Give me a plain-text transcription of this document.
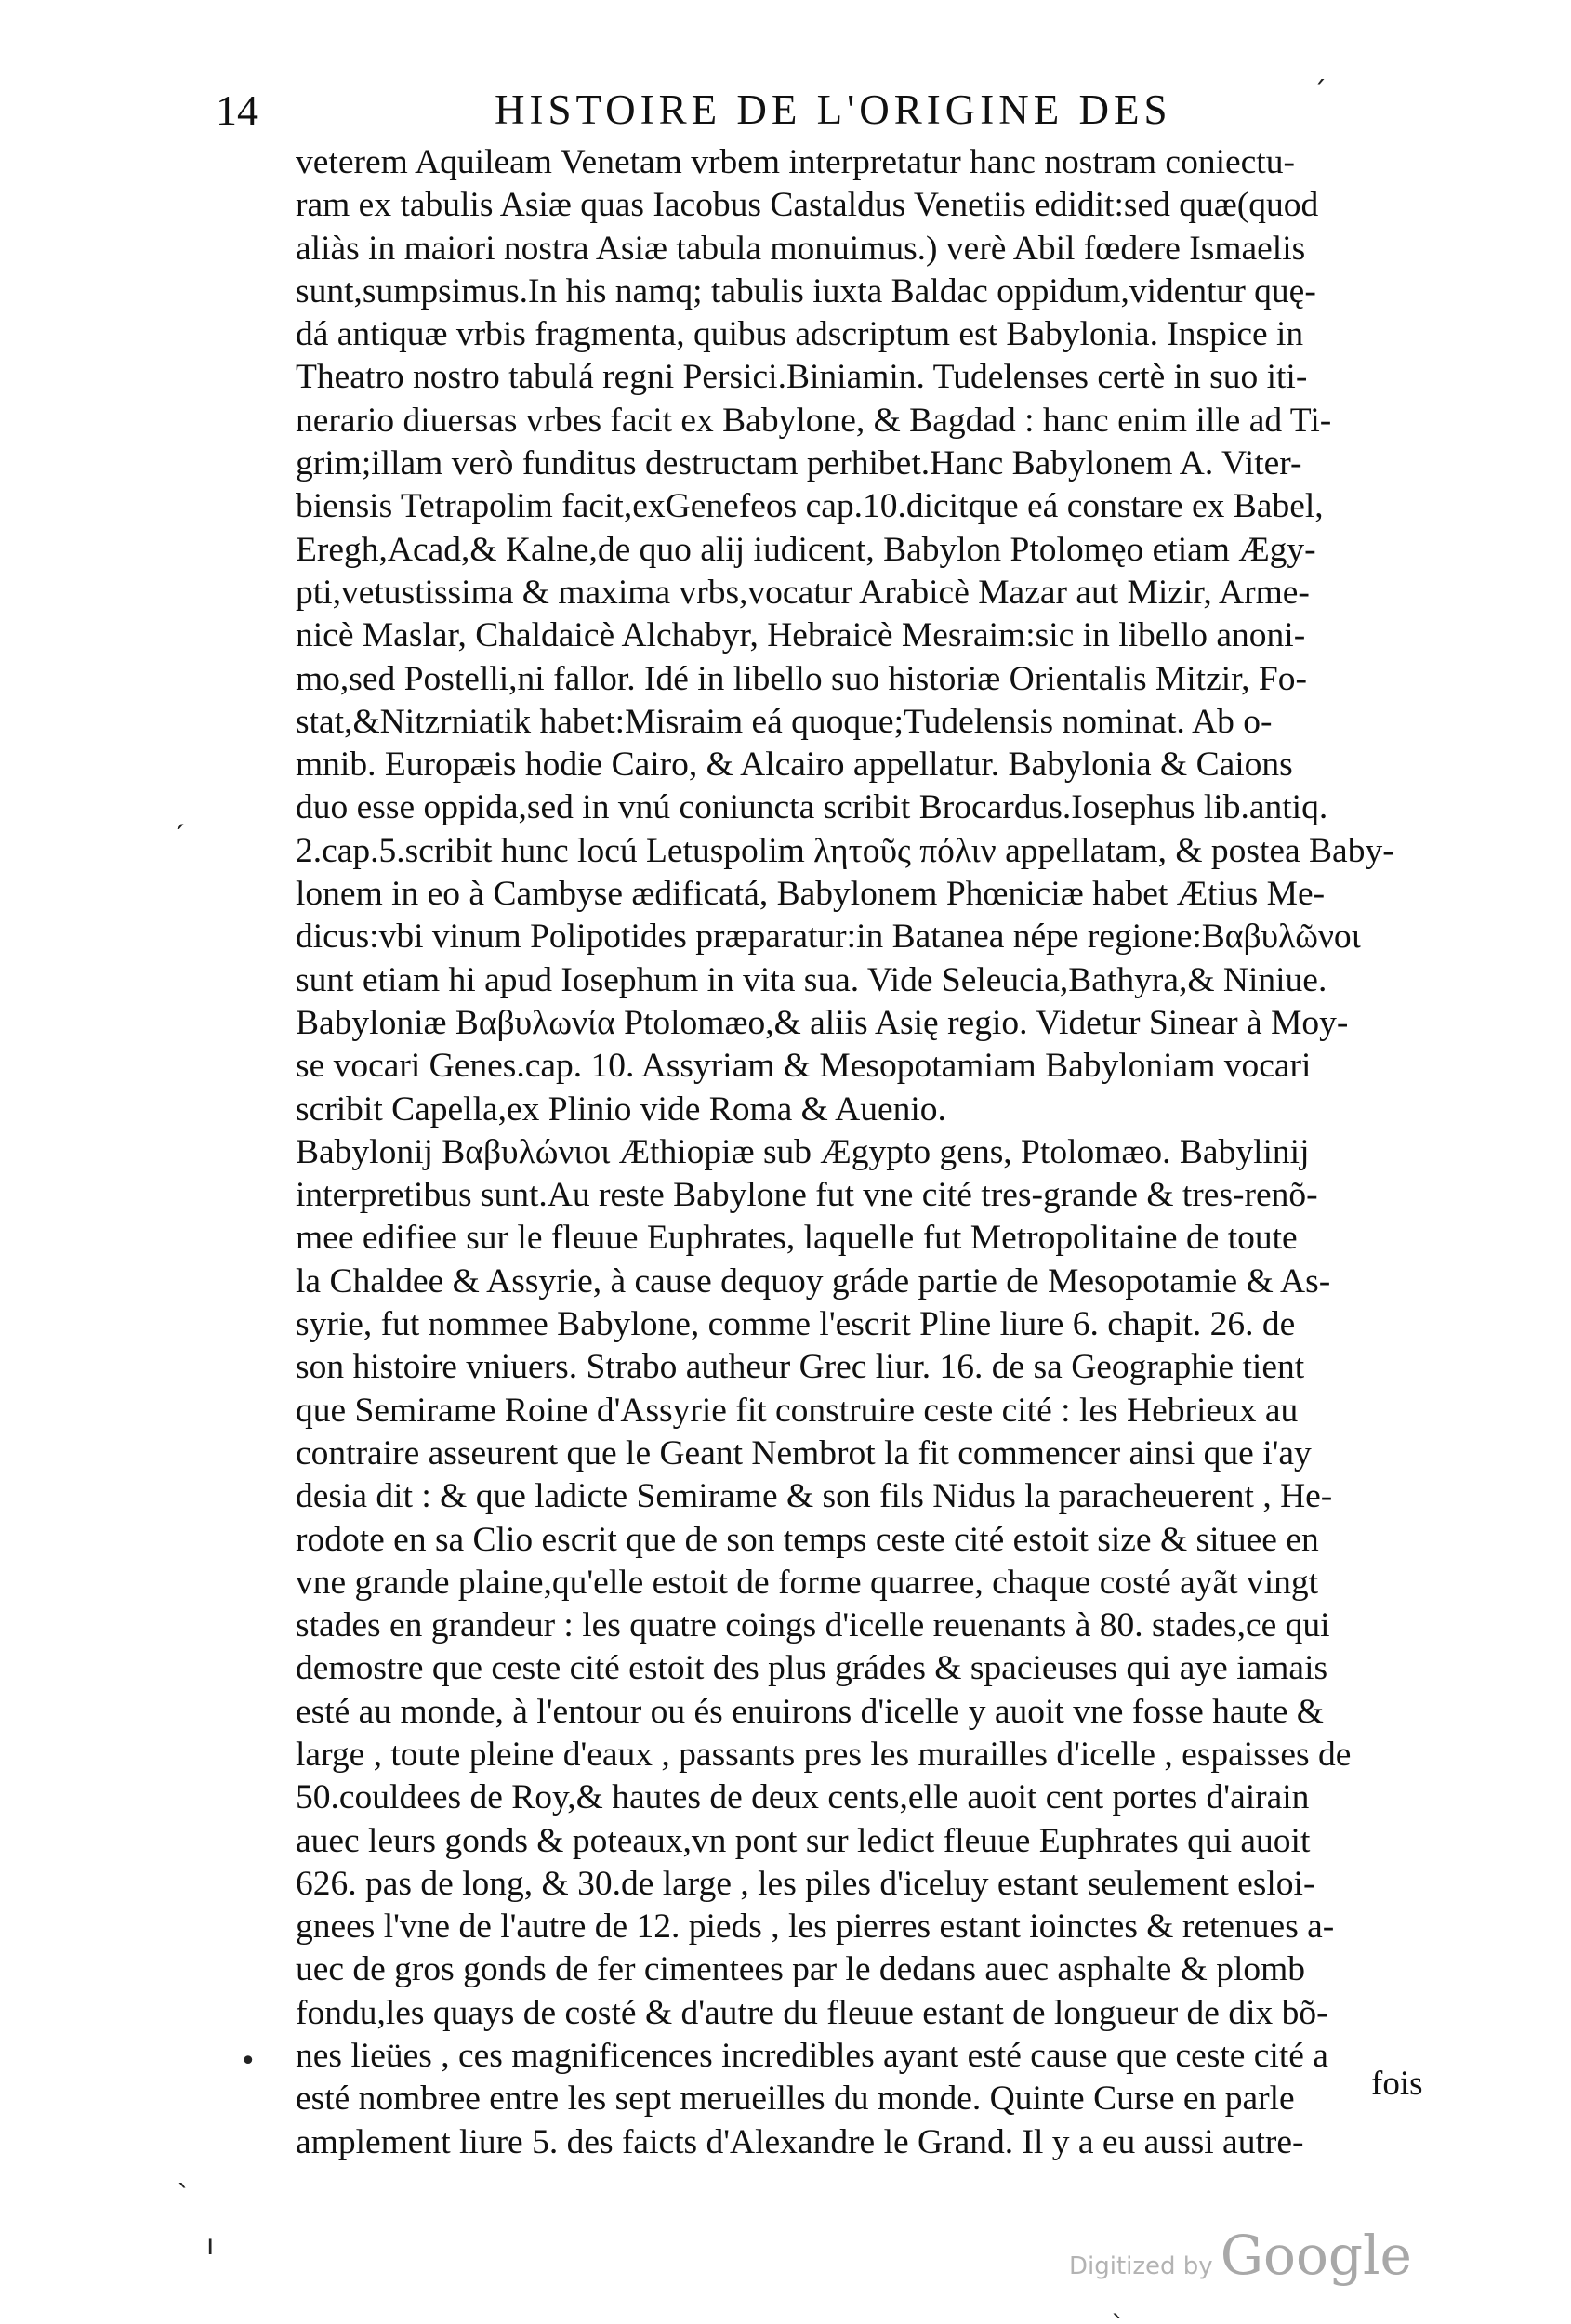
14	HISTOIRE DE L'ORIGINE DES
veterem Aquileam Venetam vrbem interpretatur hanc nostram coniectu-
ram ex tabulis Asiæ quas Iacobus Castaldus Venetiis edidit:sed quæ(quod
aliàs in maiori nostra Asiæ tabula monuimus.) verè Abil fœdere Ismaelis
sunt,sumpsimus.In his namq; tabulis iuxta Baldac oppidum,videntur quę-
dá antiquæ vrbis fragmenta, quibus adscriptum est Babylonia. Inspice in
Theatro nostro tabulá regni Persici.Biniamin. Tudelenses certè in suo iti-
nerario diuersas vrbes facit ex Babylone, & Bagdad : hanc enim ille ad Ti-
grim;illam verò funditus destructam perhibet.Hanc Babylonem A. Viter-
biensis Tetrapolim facit,exGenefeos cap.10.dicitque eá constare ex Babel,
Eregh,Acad,& Kalne,de quo alij iudicent, Babylon Ptolomęo etiam Ægy-
pti,vetustissima & maxima vrbs,vocatur Arabicè Mazar aut Mizir, Arme-
nicè Maslar, Chaldaicè Alchabyr, Hebraicè Mesraim:sic in libello anoni-
mo,sed Postelli,ni fallor. Idé in libello suo historiæ Orientalis Mitzir, Fo-
stat,&Nitzrniatik habet:Misraim eá quoque;Tudelensis nominat. Ab o-
mnib. Europæis hodie Cairo, & Alcairo appellatur. Babylonia & Caions
duo esse oppida,sed in vnú coniuncta scribit Brocardus.Iosephus lib.antiq.
2.cap.5.scribit hunc locú Letuspolim λητοῦς πόλιν appellatam, & postea Baby-
lonem in eo à Cambyse ædificatá, Babylonem Phœniciæ habet Ætius Me-
dicus:vbi vinum Polipotides præparatur:in Batanea népe regione:Βαβυλῶνοι
sunt etiam hi apud Iosephum in vita sua. Vide Seleucia,Bathyra,& Niniue.
Babyloniæ Βαβυλωνία Ptolomæo,& aliis Asię regio. Videtur Sinear à Moy-
se vocari Genes.cap. 10. Assyriam & Mesopotamiam Babyloniam vocari
scribit Capella,ex Plinio vide Roma & Auenio.
Babylonij Βαβυλώνιοι Æthiopiæ sub Ægypto gens, Ptolomæo. Babylinij
interpretibus sunt.Au reste Babylone fut vne cité tres-grande & tres-renõ-
mee edifiee sur le fleuue Euphrates, laquelle fut Metropolitaine de toute
la Chaldee & Assyrie, à cause dequoy gráde partie de Mesopotamie & As-
syrie, fut nommee Babylone, comme l'escrit Pline liure 6. chapit. 26. de
son histoire vniuers. Strabo autheur Grec liur. 16. de sa Geographie tient
que Semirame Roine d'Assyrie fit construire ceste cité : les Hebrieux au
contraire asseurent que le Geant Nembrot la fit commencer ainsi que i'ay
desia dit : & que ladicte Semirame & son fils Nidus la paracheuerent , He-
rodote en sa Clio escrit que de son temps ceste cité estoit size & situee en
vne grande plaine,qu'elle estoit de forme quarree, chaque costé ayãt vingt
stades en grandeur : les quatre coings d'icelle reuenants à 80. stades,ce qui
demostre que ceste cité estoit des plus grádes & spacieuses qui aye iamais
esté au monde, à l'entour ou és enuirons d'icelle y auoit vne fosse haute &
large , toute pleine d'eaux , passants pres les murailles d'icelle , espaisses de
50.couldees de Roy,& hautes de deux cents,elle auoit cent portes d'airain
auec leurs gonds & poteaux,vn pont sur ledict fleuue Euphrates qui auoit
626. pas de long, & 30.de large , les piles d'iceluy estant seulement esloi-
gnees l'vne de l'autre de 12. pieds , les pierres estant ioinctes & retenues a-
uec de gros gonds de fer cimentees par le dedans auec asphalte & plomb
fondu,les quays de costé & d'autre du fleuue estant de longueur de dix bõ-
nes lieües , ces magnificences incredibles ayant esté cause que ceste cité a
esté nombree entre les sept merueilles du monde. Quinte Curse en parle
amplement liure 5. des faicts d'Alexandre le Grand. Il y a eu aussi autre-
fois
ˊ
ˏ
•
ˋ
ı
ˎ
Digitized by Google
